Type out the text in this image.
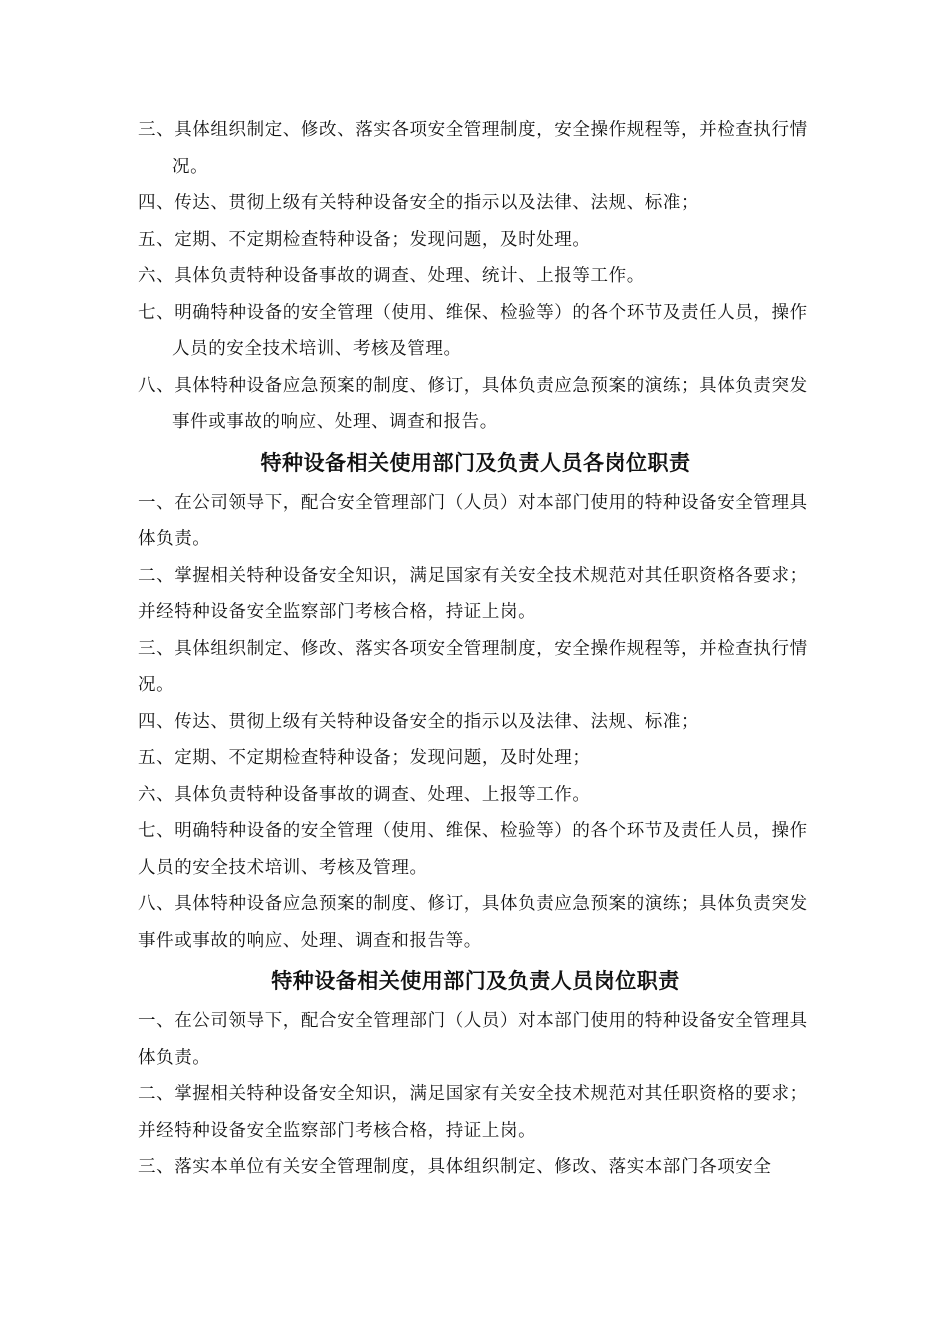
三、具体组织制定、修改、落实各项安全管理制度，安全操作规程等，并检查执行情况。

四、传达、贯彻上级有关特种设备安全的指示以及法律、法规、标准；

五、定期、不定期检查特种设备；发现问题，及时处理。

六、具体负责特种设备事故的调查、处理、统计、上报等工作。

七、明确特种设备的安全管理（使用、维保、检验等）的各个环节及责任人员，操作人员的安全技术培训、考核及管理。

八、具体特种设备应急预案的制度、修订，具体负责应急预案的演练；具体负责突发事件或事故的响应、处理、调查和报告。

特种设备相关使用部门及负责人员各岗位职责

一、在公司领导下，配合安全管理部门（人员）对本部门使用的特种设备安全管理具体负责。

二、掌握相关特种设备安全知识，满足国家有关安全技术规范对其任职资格各要求；并经特种设备安全监察部门考核合格，持证上岗。

三、具体组织制定、修改、落实各项安全管理制度，安全操作规程等，并检查执行情况。

四、传达、贯彻上级有关特种设备安全的指示以及法律、法规、标准；

五、定期、不定期检查特种设备；发现问题，及时处理；

六、具体负责特种设备事故的调查、处理、上报等工作。

七、明确特种设备的安全管理（使用、维保、检验等）的各个环节及责任人员，操作人员的安全技术培训、考核及管理。

八、具体特种设备应急预案的制度、修订，具体负责应急预案的演练；具体负责突发事件或事故的响应、处理、调查和报告等。

特种设备相关使用部门及负责人员岗位职责

一、在公司领导下，配合安全管理部门（人员）对本部门使用的特种设备安全管理具体负责。

二、掌握相关特种设备安全知识，满足国家有关安全技术规范对其任职资格的要求；并经特种设备安全监察部门考核合格，持证上岗。

三、落实本单位有关安全管理制度，具体组织制定、修改、落实本部门各项安全
